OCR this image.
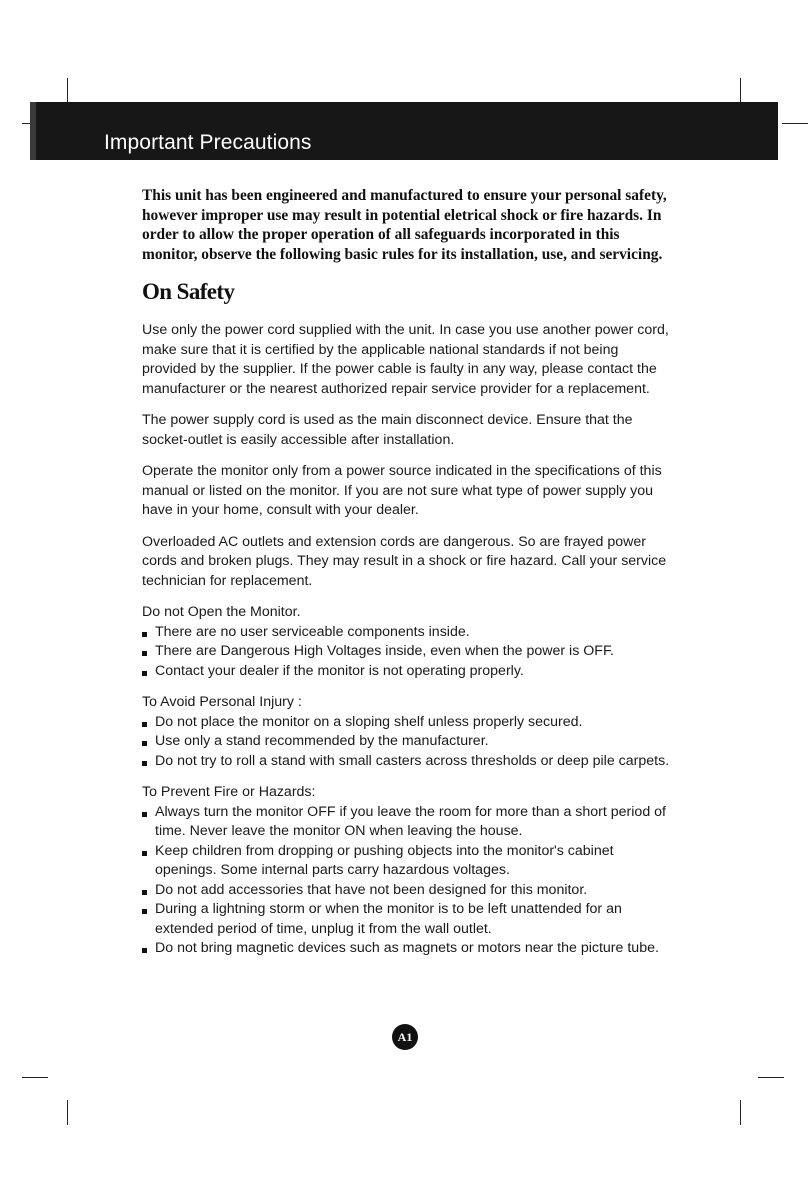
Important Precautions

This unit has been engineered and manufactured to ensure your personal safety, however improper use may result in potential eletrical shock or fire hazards. In order to allow the proper operation of all safeguards incorporated in this monitor, observe the following basic rules for its installation, use, and servicing.

On Safety

Use only the power cord supplied with the unit. In case you use another power cord, make sure that it is certified by the applicable national standards if not being provided by the supplier. If the power cable is faulty in any way, please contact the manufacturer or the nearest authorized repair service provider for a replacement.

The power supply cord is used as the main disconnect device. Ensure that the socket-outlet is easily accessible after installation.

Operate the monitor only from a power source indicated in the specifications of this manual or listed on the monitor. If you are not sure what type of power supply you have in your home, consult with your dealer.

Overloaded AC outlets and extension cords are dangerous. So are frayed power cords and broken plugs. They may result in a shock or fire hazard. Call your service technician for replacement.

Do not Open the Monitor.

There are no user serviceable components inside.
There are Dangerous High Voltages inside, even when the power is OFF.
Contact your dealer if the monitor is not operating properly.

To Avoid Personal Injury :

Do not place the monitor on a sloping shelf unless properly secured.
Use only a stand recommended by the manufacturer.
Do not try to roll a stand with small casters across thresholds or deep pile carpets.

To Prevent Fire or Hazards:

Always turn the monitor OFF if you leave the room for more than a short period of time. Never leave the monitor ON when leaving the house.
Keep children from dropping or pushing objects into the monitor's cabinet openings. Some internal parts carry hazardous voltages.
Do not add accessories that have not been designed for this monitor.
During a lightning storm or when the monitor is to be left unattended for an extended period of time, unplug it from the wall outlet.
Do not bring magnetic devices such as magnets or motors near the picture tube.
A1
